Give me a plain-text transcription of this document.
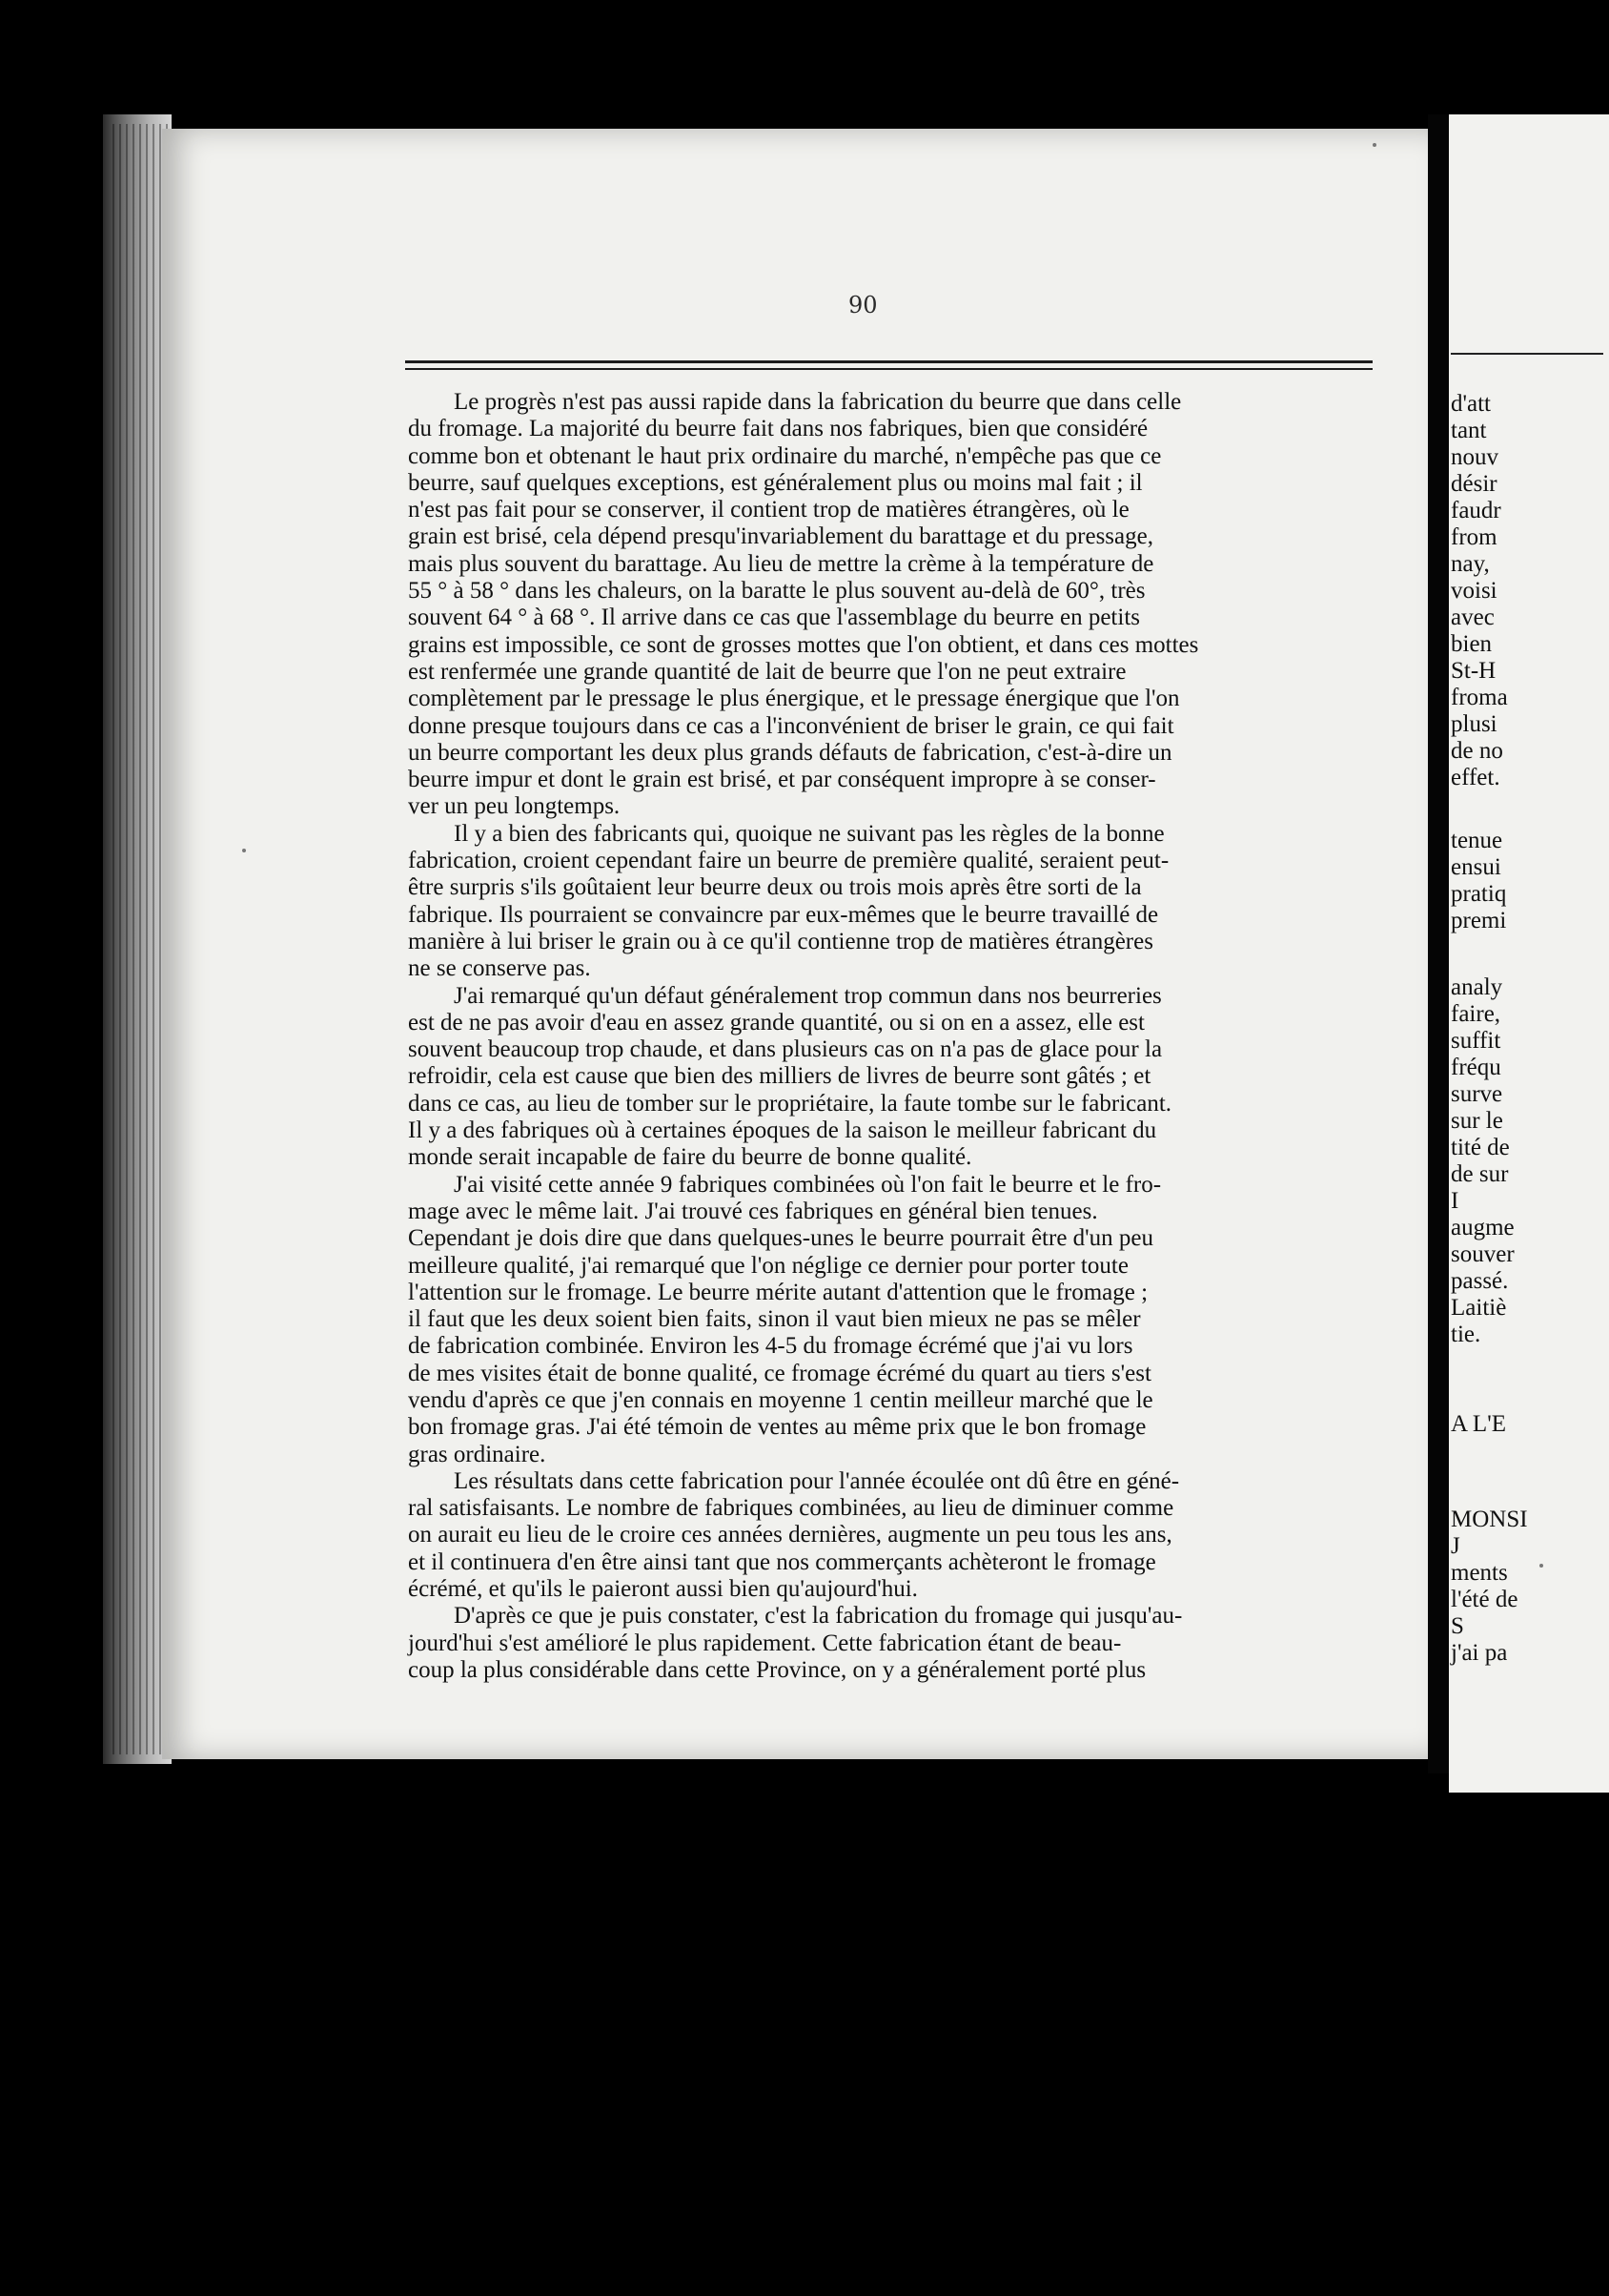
90
Le progrès n'est pas aussi rapide dans la fabrication du beurre que dans celle
du fromage. La majorité du beurre fait dans nos fabriques, bien que considéré
comme bon et obtenant le haut prix ordinaire du marché, n'empêche pas que ce
beurre, sauf quelques exceptions, est généralement plus ou moins mal fait ; il
n'est pas fait pour se conserver, il contient trop de matières étrangères, où le
grain est brisé, cela dépend presqu'invariablement du barattage et du pressage,
mais plus souvent du barattage. Au lieu de mettre la crème à la température de
55 ° à 58 ° dans les chaleurs, on la baratte le plus souvent au-delà de 60°, très
souvent 64 ° à 68 °. Il arrive dans ce cas que l'assemblage du beurre en petits
grains est impossible, ce sont de grosses mottes que l'on obtient, et dans ces mottes
est renfermée une grande quantité de lait de beurre que l'on ne peut extraire
complètement par le pressage le plus énergique, et le pressage énergique que l'on
donne presque toujours dans ce cas a l'inconvénient de briser le grain, ce qui fait
un beurre comportant les deux plus grands défauts de fabrication, c'est-à-dire un
beurre impur et dont le grain est brisé, et par conséquent impropre à se conser-
ver un peu longtemps.
Il y a bien des fabricants qui, quoique ne suivant pas les règles de la bonne
fabrication, croient cependant faire un beurre de première qualité, seraient peut-
être surpris s'ils goûtaient leur beurre deux ou trois mois après être sorti de la
fabrique. Ils pourraient se convaincre par eux-mêmes que le beurre travaillé de
manière à lui briser le grain ou à ce qu'il contienne trop de matières étrangères
ne se conserve pas.
J'ai remarqué qu'un défaut généralement trop commun dans nos beurreries
est de ne pas avoir d'eau en assez grande quantité, ou si on en a assez, elle est
souvent beaucoup trop chaude, et dans plusieurs cas on n'a pas de glace pour la
refroidir, cela est cause que bien des milliers de livres de beurre sont gâtés ; et
dans ce cas, au lieu de tomber sur le propriétaire, la faute tombe sur le fabricant.
Il y a des fabriques où à certaines époques de la saison le meilleur fabricant du
monde serait incapable de faire du beurre de bonne qualité.
J'ai visité cette année 9 fabriques combinées où l'on fait le beurre et le fro-
mage avec le même lait. J'ai trouvé ces fabriques en général bien tenues.
Cependant je dois dire que dans quelques-unes le beurre pourrait être d'un peu
meilleure qualité, j'ai remarqué que l'on néglige ce dernier pour porter toute
l'attention sur le fromage. Le beurre mérite autant d'attention que le fromage ;
il faut que les deux soient bien faits, sinon il vaut bien mieux ne pas se mêler
de fabrication combinée. Environ les 4-5 du fromage écrémé que j'ai vu lors
de mes visites était de bonne qualité, ce fromage écrémé du quart au tiers s'est
vendu d'après ce que j'en connais en moyenne 1 centin meilleur marché que le
bon fromage gras. J'ai été témoin de ventes au même prix que le bon fromage
gras ordinaire.
Les résultats dans cette fabrication pour l'année écoulée ont dû être en géné-
ral satisfaisants. Le nombre de fabriques combinées, au lieu de diminuer comme
on aurait eu lieu de le croire ces années dernières, augmente un peu tous les ans,
et il continuera d'en être ainsi tant que nos commerçants achèteront le fromage
écrémé, et qu'ils le paieront aussi bien qu'aujourd'hui.
D'après ce que je puis constater, c'est la fabrication du fromage qui jusqu'au-
jourd'hui s'est amélioré le plus rapidement. Cette fabrication étant de beau-
coup la plus considérable dans cette Province, on y a généralement porté plus
d'att
tant
nouv
désir
faudr
from
nay,
voisi
avec
bien
St-H
froma
plusi
de no
effet.
tenue
ensui
pratiq
premi
analy
faire,
suffit
fréqu
surve
sur le
tité de
de sur
I
augme
souver
passé.
Laitiè
tie.
A L'E
MONSI
J
ments
l'été de
S
j'ai pa
